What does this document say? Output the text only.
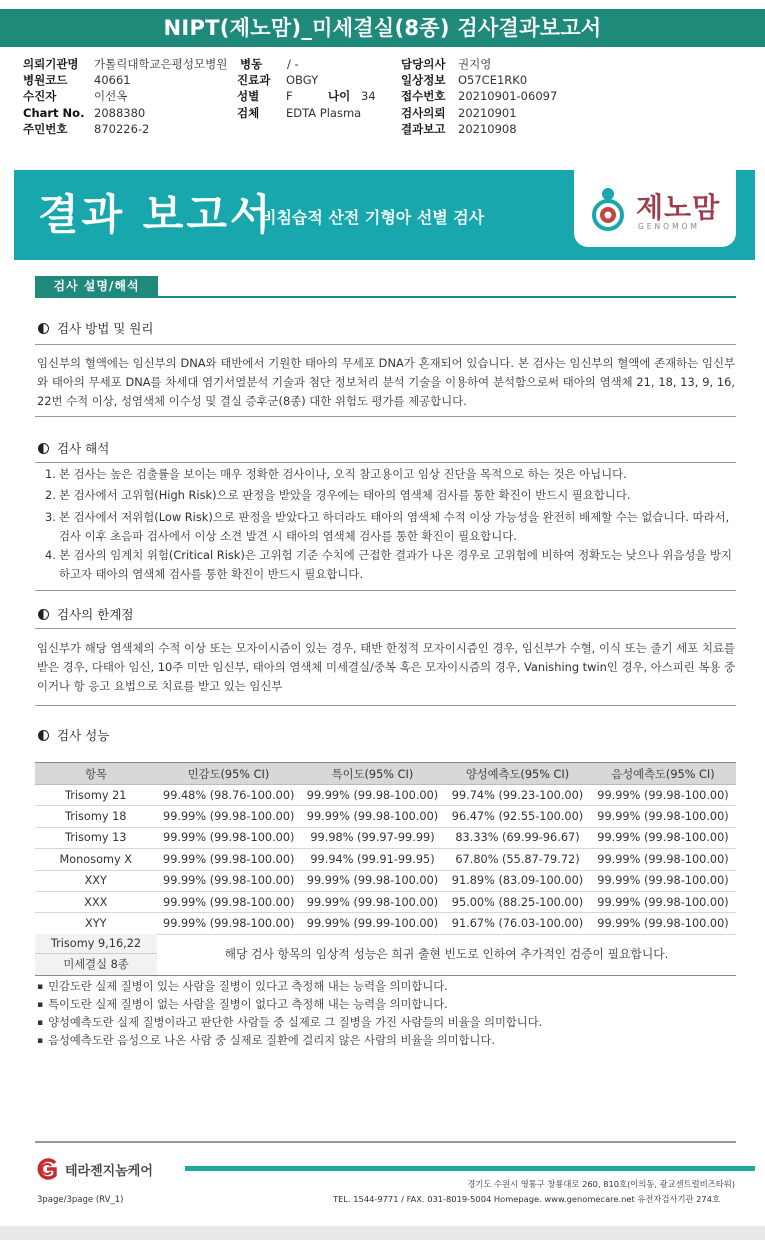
NIPT(제노맘)_미세결실(8종) 검사결과보고서
의뢰기관명	가톨릭대학교은평성모병원
병원코드	40661
수진자	이선옥
Chart No. 2088380
주민번호	870226-2
병동	/ -
진료과	OBGY
성별	F	나이 34
검체	EDTA Plasma
담당의사	권지영
일상정보	O57CE1RK0
접수번호	20210901-06097
검사의뢰	20210901
결과보고	20210908
결과 보고서
비침습적 산전 기형아 선별 검사	제노맘
GENOMOM
검사 설명/해석
검사 방법 및 원리
임신부의 혈액에는 임신부의 DNA와 태반에서 기원한 태아의 무세포 DNA가 혼재되어 있습니다. 본 검사는 임신부의 혈액에 존재하는 임신부와 태아의 무세포 DNA를 차세대 염기서열분석 기술과 첨단 정보처리 분석 기술을 이용하여 분석함으로써 태아의 염색체 21, 18, 13, 9, 16, 22번 수적 이상, 성염색체 이수성 및 결실 증후군(8종) 대한 위험도 평가를 제공합니다.
검사 해석
1. 본 검사는 높은 검출률을 보이는 매우 정확한 검사이나, 오직 참고용이고 임상 진단을 목적으로 하는 것은 아닙니다.
2. 본 검사에서 고위험(High Risk)으로 판정을 받았을 경우에는 태아의 염색체 검사를 통한 확진이 반드시 필요합니다.
3. 본 검사에서 저위험(Low Risk)으로 판정을 받았다고 하더라도 태아의 염색체 수적 이상 가능성을 완전히 배제할 수는 없습니다. 따라서, 검사 이후 초음파 검사에서 이상 소견 발견 시 태아의 염색체 검사를 통한 확진이 필요합니다.
4. 본 검사의 임계치 위험(Critical Risk)은 고위험 기준 수치에 근접한 결과가 나온 경우로 고위험에 비하여 정확도는 낮으나 위음성을 방지하고자 태아의 염색체 검사를 통한 확진이 반드시 필요합니다.
검사의 한계점
임신부가 해당 염색체의 수적 이상 또는 모자이시즘이 있는 경우, 태반 한정적 모자이시즘인 경우, 임신부가 수혈, 이식 또는 줄기 세포 치료를 받은 경우, 다태아 임신, 10주 미만 임신부, 태아의 염색체 미세결실/중복 혹은 모자이시즘의 경우, Vanishing twin인 경우, 아스피린 복용 중이거나 항 응고 요법으로 치료를 받고 있는 임신부
검사 성능
항목	민감도(95% CI)	특이도(95% CI)	양성예측도(95% CI)	음성예측도(95% CI)
Trisomy 21	99.48% (98.76-100.00)	99.99% (99.98-100.00)	99.74% (99.23-100.00)	99.99% (99.98-100.00)
Trisomy 18	99.99% (99.98-100.00)	99.99% (99.98-100.00)	96.47% (92.55-100.00)	99.99% (99.98-100.00)
Trisomy 13	99.99% (99.98-100.00)	99.98% (99.97-99.99)	83.33% (69.99-96.67)	99.99% (99.98-100.00)
Monosomy X	99.99% (99.98-100.00)	99.94% (99.91-99.95)	67.80% (55.87-79.72)	99.99% (99.98-100.00)
XXY	99.99% (99.98-100.00)	99.99% (99.98-100.00)	91.89% (83.09-100.00)	99.99% (99.98-100.00)
XXX	99.99% (99.98-100.00)	99.99% (99.98-100.00)	95.00% (88.25-100.00)	99.99% (99.98-100.00)
XYY	99.99% (99.98-100.00)	99.99% (99.99-100.00)	91.67% (76.03-100.00)	99.99% (99.98-100.00)
Trisomy 9,16,22
미세결실 8종
해당 검사 항목의 임상적 성능은 희귀 출현 빈도로 인하여 추가적인 검증이 필요합니다.
▪ 민감도란 실제 질병이 있는 사람을 질병이 있다고 측정해 내는 능력을 의미합니다.
▪ 특이도란 실제 질병이 없는 사람을 질병이 없다고 측정해 내는 능력을 의미합니다.
▪ 양성예측도란 실제 질병이라고 판단한 사람들 중 실제로 그 질병을 가진 사람들의 비율을 의미합니다.
▪ 음성예측도란 음성으로 나온 사람 중 실제로 질환에 걸리지 않은 사람의 비율을 의미합니다.
테라젠지놈케어
경기도 수원시 영통구 창룡대로 260, 810호(이의동, 광교센트럴비즈타워)
TEL. 1544-9771 / FAX. 031-8019-5004 Homepage. www.genomecare.net 유전자검사기관 274호
3page/3page (RV_1)
